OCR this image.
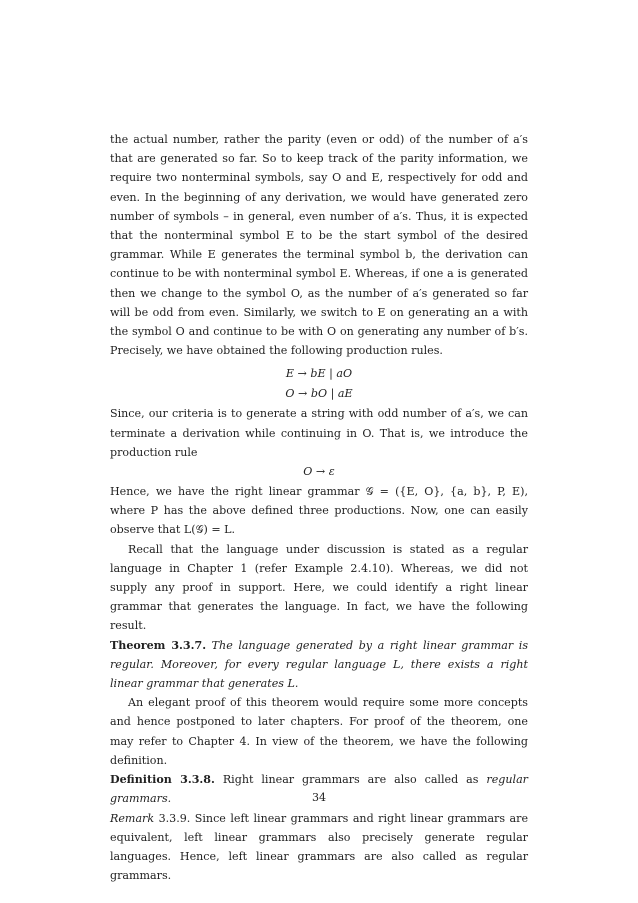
the actual number, rather the parity (even or odd) of the number of a′s that are generated so far. So to keep track of the parity information, we require two nonterminal symbols, say O and E, respectively for odd and even. In the beginning of any derivation, we would have generated zero number of symbols – in general, even number of a′s. Thus, it is expected that the nonterminal symbol E to be the start symbol of the desired grammar. While E generates the terminal symbol b, the derivation can continue to be with nonterminal symbol E. Whereas, if one a is generated then we change to the symbol O, as the number of a′s generated so far will be odd from even. Similarly, we switch to E on generating an a with the symbol O and continue to be with O on generating any number of b′s. Precisely, we have obtained the following production rules.

E → bE | aO
O → bO | aE

Since, our criteria is to generate a string with odd number of a′s, we can terminate a derivation while continuing in O. That is, we introduce the production rule

O → ε

Hence, we have the right linear grammar 𝒢 = ({E, O}, {a, b}, P, E), where P has the above defined three productions. Now, one can easily observe that L(𝒢) = L.

Recall that the language under discussion is stated as a regular language in Chapter 1 (refer Example 2.4.10). Whereas, we did not supply any proof in support. Here, we could identify a right linear grammar that generates the language. In fact, we have the following result.

Theorem 3.3.7. The language generated by a right linear grammar is regular. Moreover, for every regular language L, there exists a right linear grammar that generates L.

An elegant proof of this theorem would require some more concepts and hence postponed to later chapters. For proof of the theorem, one may refer to Chapter 4. In view of the theorem, we have the following definition.

Definition 3.3.8. Right linear grammars are also called as regular grammars.

Remark 3.3.9. Since left linear grammars and right linear grammars are equivalent, left linear grammars also precisely generate regular languages. Hence, left linear grammars are also called as regular grammars.

34
